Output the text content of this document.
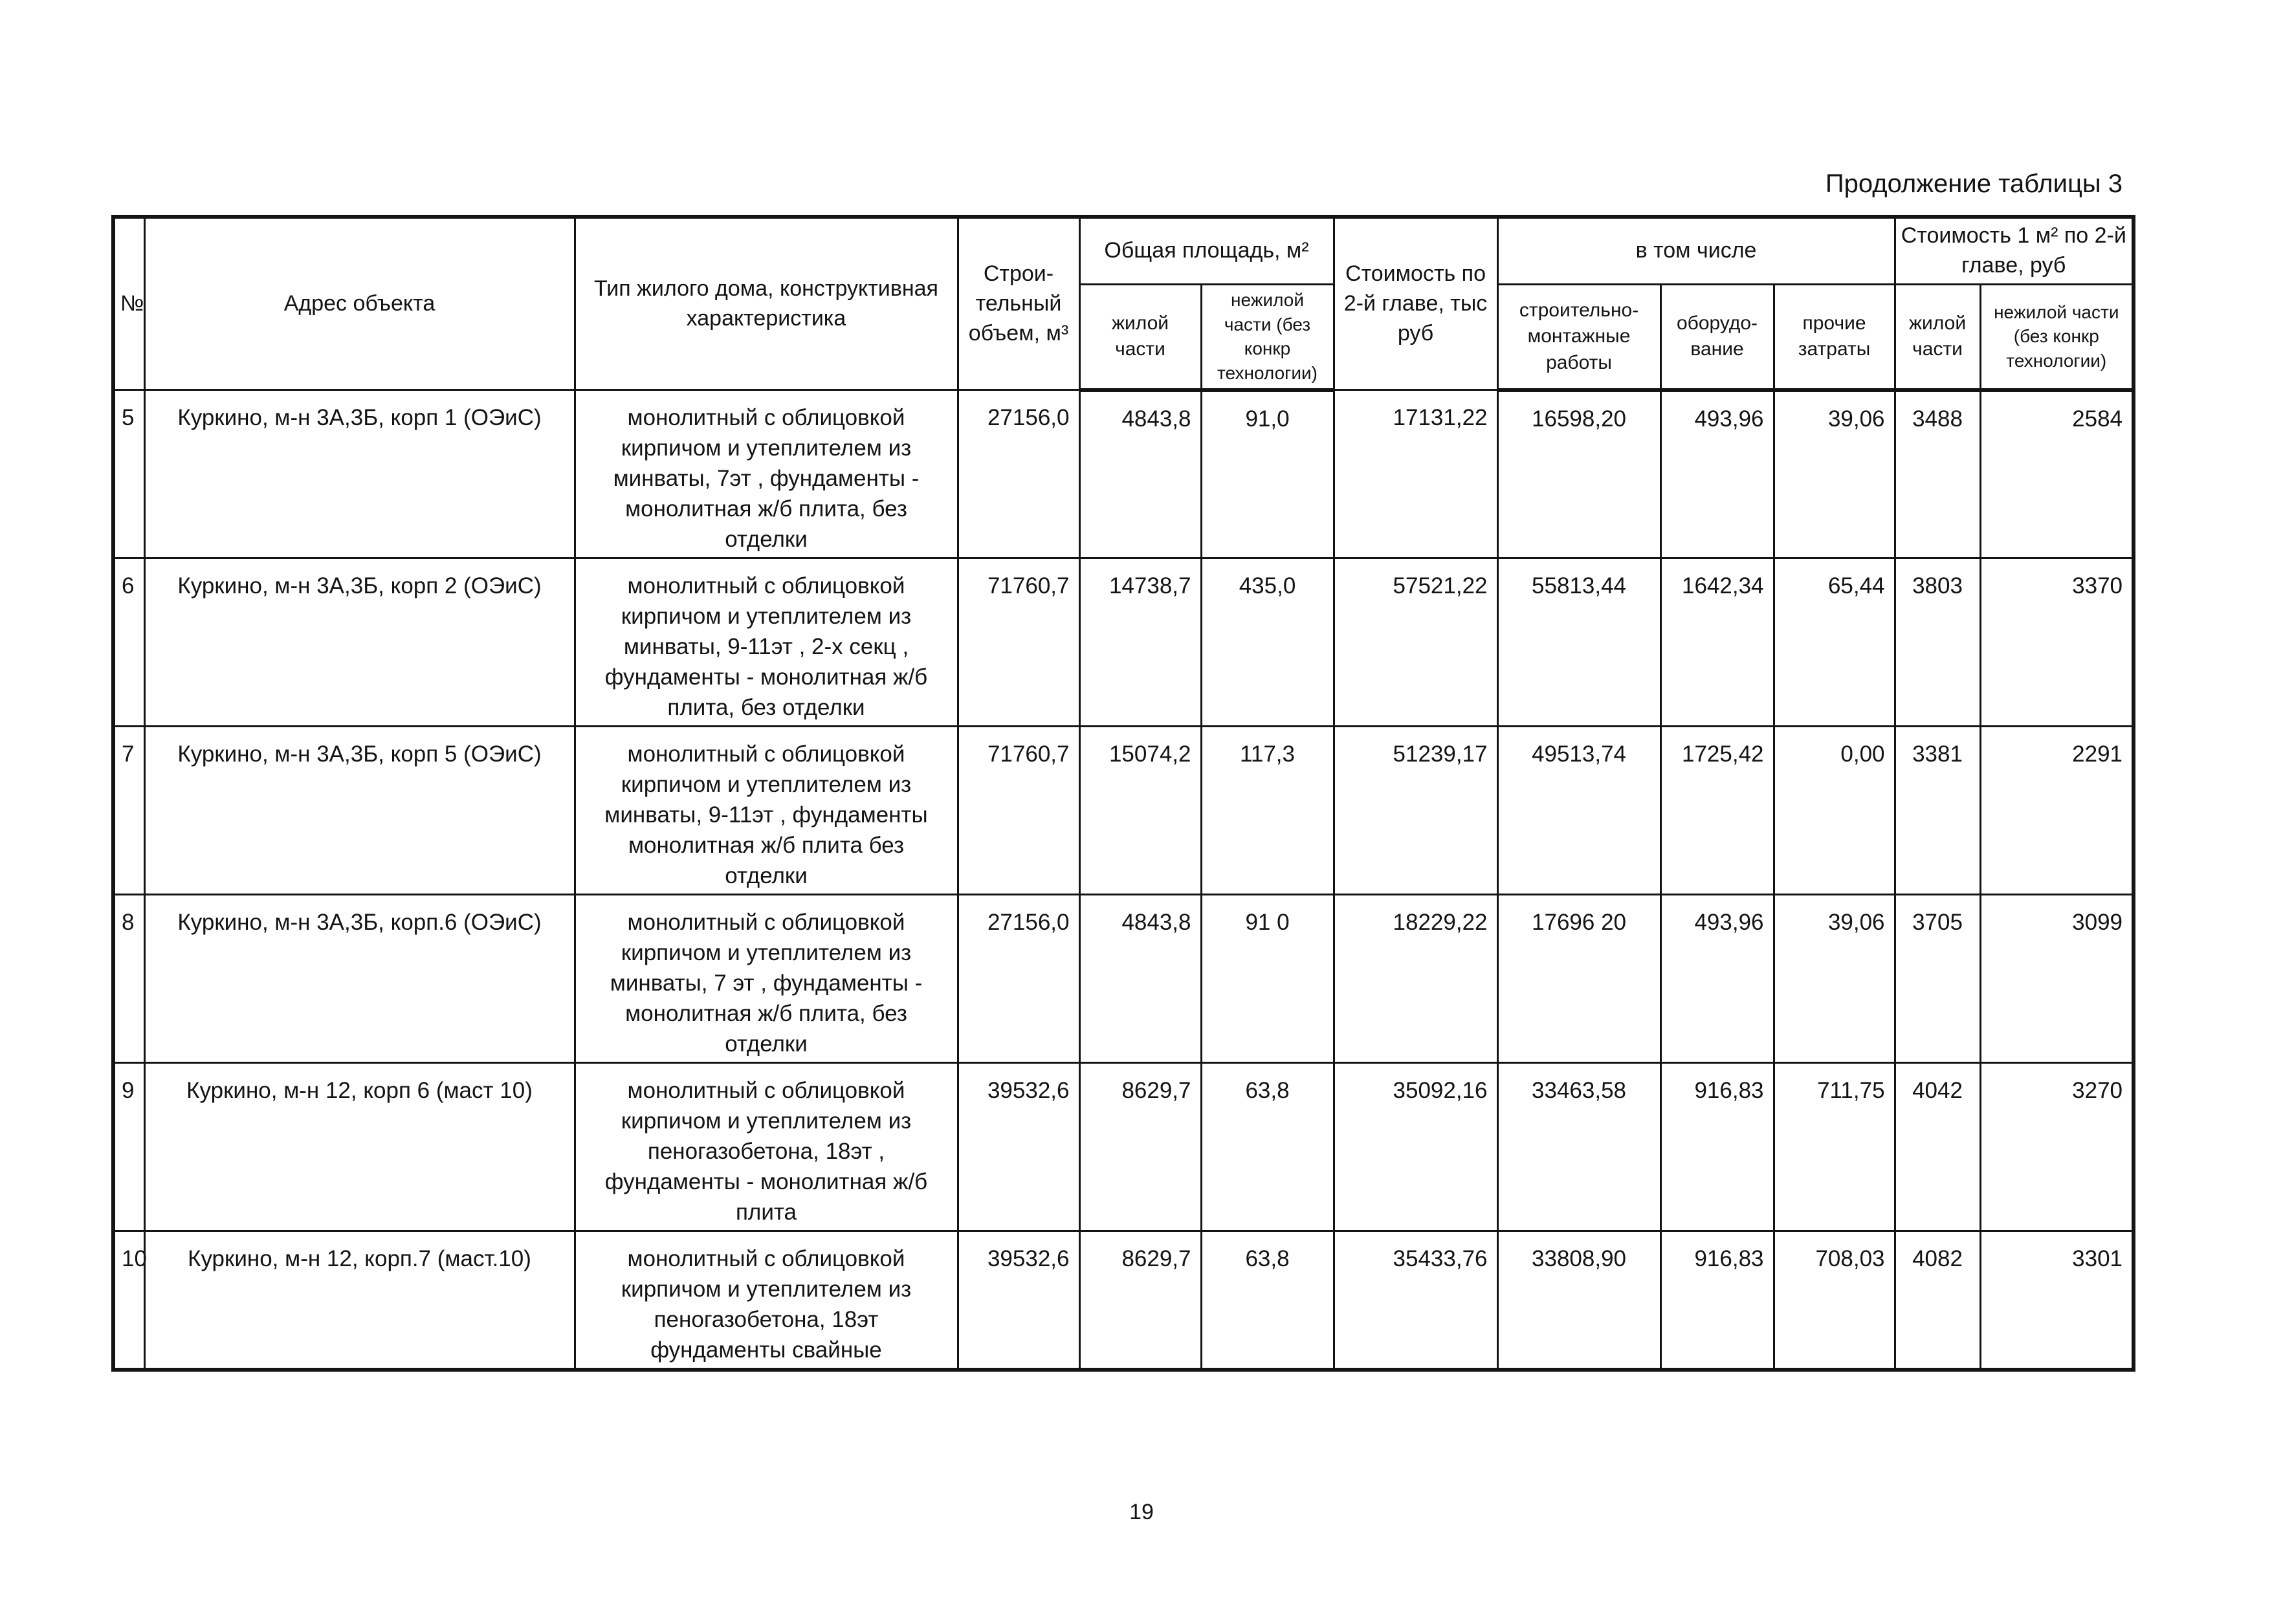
Продолжение таблицы 3
№	Адрес объекта	Тип жилого дома, конструктивная характеристика	Строи- тельный объем, м³	Общая площадь, м²		Стоимость по 2-й главе, тыс руб	в том числе			Стоимость 1 м² по 2-й главе, руб	
				жилой части	нежилой части (без конкр технологии)		строительно- монтажные работы	оборудо- вание	прочие затраты	жилой части	нежилой части (без конкр технологии)
5	Куркино, м-н 3А,3Б, корп 1 (ОЭиС)	монолитный с облицовкой кирпичом и утеплителем из минваты, 7эт , фундаменты - монолитная ж/б плита, без отделки	27156,0	4843,8	91,0	17131,22	16598,20	493,96	39,06	3488	2584
6	Куркино, м-н 3А,3Б, корп 2 (ОЭиС)	монолитный с облицовкой кирпичом и утеплителем из минваты, 9-11эт , 2-х секц , фундаменты - монолитная ж/б плита, без отделки	71760,7	14738,7	435,0	57521,22	55813,44	1642,34	65,44	3803	3370
7	Куркино, м-н 3А,3Б, корп 5 (ОЭиС)	монолитный с облицовкой кирпичом и утеплителем из минваты, 9-11эт , фундаменты монолитная ж/б плита без отделки	71760,7	15074,2	117,3	51239,17	49513,74	1725,42	0,00	3381	2291
8	Куркино, м-н 3А,3Б, корп.6 (ОЭиС)	монолитный с облицовкой кирпичом и утеплителем из минваты, 7 эт , фундаменты - монолитная ж/б плита, без отделки	27156,0	4843,8	91 0	18229,22	17696 20	493,96	39,06	3705	3099
9	Куркино, м-н 12, корп 6 (маст 10)	монолитный с облицовкой кирпичом и утеплителем из пеногазобетона, 18эт , фундаменты - монолитная ж/б плита	39532,6	8629,7	63,8	35092,16	33463,58	916,83	711,75	4042	3270
10	Куркино, м-н 12, корп.7 (маст.10)	монолитный с облицовкой кирпичом и утеплителем из пеногазобетона, 18эт фундаменты свайные	39532,6	8629,7	63,8	35433,76	33808,90	916,83	708,03	4082	3301
19
